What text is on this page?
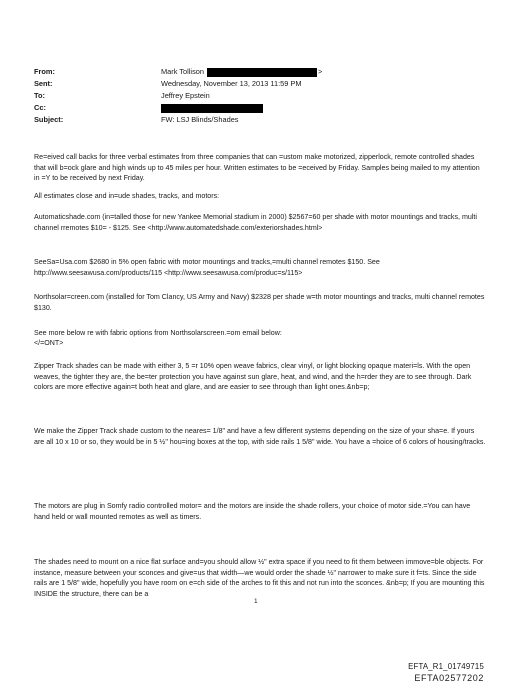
From:	Mark Tollison	>
Sent:	Wednesday, November 13, 2013 11:59 PM
To:	Jeffrey Epstein
Cc:
Subject:	FW: LSJ Blinds/Shades

Re=eived call backs for three verbal estimates from three companies that can =ustom make motorized, zipperlock, remote controlled shades that will b=ock glare and high winds up to 45 miles per hour. Written estimates to be =eceived by Friday. Samples being mailed to my attention in =Y to be received by next Friday.

All estimates close and in=ude shades, tracks, and motors:

Automaticshade.com (in=talled those for new Yankee Memorial stadium in 2000) $2567=60 per shade with motor mountings and tracks, multi channel rremotes $10= - $125. See <http://www.automatedshade.com/exteriorshades.html>

SeeSa=Usa.com $2680 in 5% open fabric with motor mountings and tracks,=multi channel remotes $150. See http://www.seesawusa.com/products/115 <http://www.seesawusa.com/produc=s/115>

Northsolar=creen.com (installed for Tom Clancy, US Army and Navy) $2328 per shade w=th motor mountings and tracks, multi channel remotes $130.

See more below re with fabric options from Northsolarscreen.=om email below:

</=ONT>

Zipper Track shades can be made with either 3, 5 =r 10% open weave fabrics, clear vinyl, or light blocking opaque materi=ls. With the open weaves, the tighter they are, the be=ter protection you have against sun glare, heat, and wind, and the h=rder they are to see through. Dark colors are more effective again=t both heat and glare, and are easier to see through than light ones.&nb=p;

We make the Zipper Track shade custom to the neares= 1/8" and have a few different systems depending on the size of your sha=e. If yours are all 10 x 10 or so, they would be in 5 ½" hou=ing boxes at the top, with side rails 1 5/8" wide. You have a =hoice of 6 colors of housing/tracks.

The motors are plug in Somfy radio controlled motor= and the motors are inside the shade rollers, your choice of motor side.=You can have hand held or wall mounted remotes as well as timers.

The shades need to mount on a nice flat surface and=you should allow ½" extra space if you need to fit them between immove=ble objects. For instance, measure between your sconces and give=us that width—we would order the shade ½" narrower to make sure it f=ts. Since the side rails are 1 5/8" wide, hopefully you have room on e=ch side of the arches to fit this and not run into the sconces. &nb=p; If you are mounting this INSIDE the structure, there can be a

1
EFTA_R1_01749715
EFTA02577202
